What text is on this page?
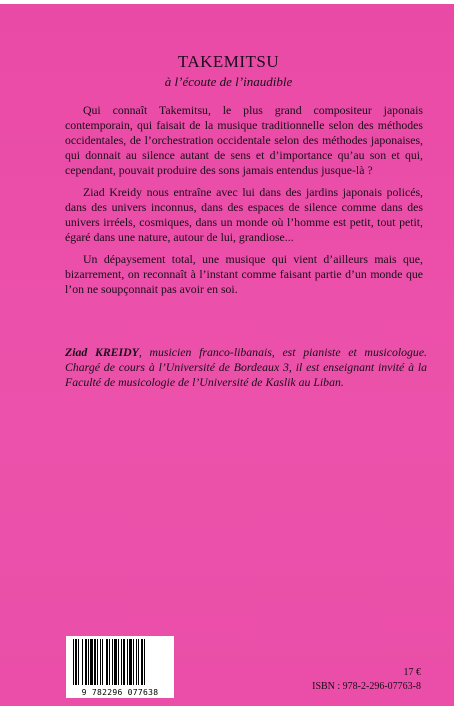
TAKEMITSU
à l’écoute de l’inaudible

Qui connaît Takemitsu, le plus grand compositeur japonais contemporain, qui faisait de la musique traditionnelle selon des méthodes occidentales, de l’orchestration occidentale selon des méthodes japonaises, qui donnait au silence autant de sens et d’importance qu’au son et qui, cependant, pouvait produire des sons jamais entendus jusque-là ?

Ziad Kreidy nous entraîne avec lui dans des jardins japonais policés, dans des univers inconnus, dans des espaces de silence comme dans des univers irréels, cosmiques, dans un monde où l’homme est petit, tout petit, égaré dans une nature, autour de lui, grandiose...

Un dépaysement total, une musique qui vient d’ailleurs mais que, bizarrement, on reconnaît à l’instant comme faisant partie d’un monde que l’on ne soupçonnait pas avoir en soi.

Ziad KREIDY, musicien franco-libanais, est pianiste et musicologue. Chargé de cours à l’Université de Bordeaux 3, il est enseignant invité à la Faculté de musicologie de l’Université de Kaslik au Liban.

9 782296 077638
17 €
ISBN : 978-2-296-07763-8
